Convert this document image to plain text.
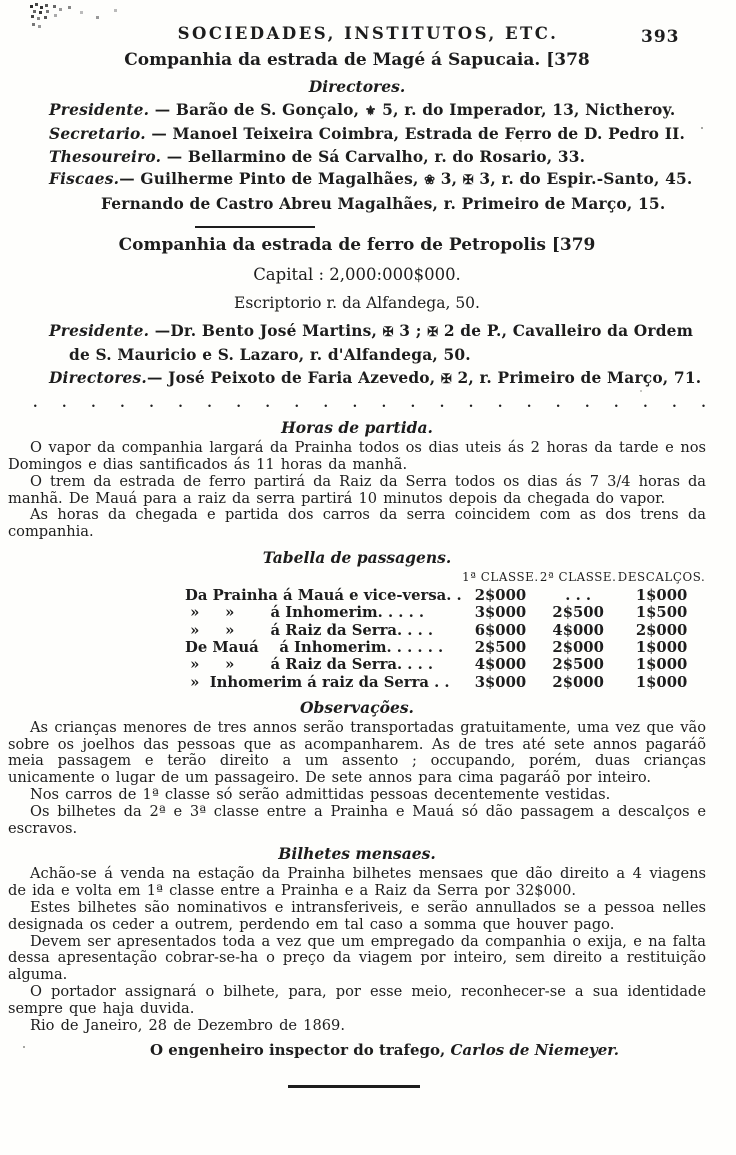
393
SOCIEDADES, INSTITUTOS, ETC.
Companhia da estrada de Magé á Sapucaia. [378
Directores.

Presidente. — Barão de S. Gonçalo, ⚜ 5, r. do Imperador, 13, Nictheroy.

Secretario. — Manoel Teixeira Coimbra, Estrada de Ferro de D. Pedro II.

Thesoureiro. — Bellarmino de Sá Carvalho, r. do Rosario, 33.

Fiscaes.— Guilherme Pinto de Magalhães, ❀ 3, ✠ 3, r. do Espir.-Santo, 45.

Fernando de Castro Abreu Magalhães, r. Primeiro de Março, 15.

Companhia da estrada de ferro de Petropolis [379
Capital : 2,000:000$000.
Escriptorio r. da Alfandega, 50.

Presidente. —Dr. Bento José Martins, ✠ 3 ; ✠ 2 de P., Cavalleiro da Ordem de S. Mauricio e S. Lazaro, r. d'Alfandega, 50.

Directores.— José Peixoto de Faria Azevedo, ✠ 2, r. Primeiro de Março, 71.

. . . . . . . . . . . . . . . . . . . . . . . .
Horas de partida.

O vapor da companhia largará da Prainha todos os dias uteis ás 2 horas da tarde e nos Domingos e dias santificados ás 11 horas da manhã.

O trem da estrada de ferro partirá da Raiz da Serra todos os dias ás 7 3/4 horas da manhã. De Mauá para a raiz da serra partirá 10 minutos depois da chegada do vapor.

As horas da chegada e partida dos carros da serra coincidem com as dos trens da companhia.

Tabella de passagens.
	1ª CLASSE.	2ª CLASSE.	DESCALÇOS.
Da Prainha á Mauá e vice-versa. .	2$000	. . .	1$000
»     »       á Inhomerim. . . . .	3$000	2$500	1$500
»     »       á Raiz da Serra. . . .	6$000	4$000	2$000
De Mauá    á Inhomerim. . . . . .	2$500	2$000	1$000
»     »       á Raiz da Serra. . . .	4$000	2$500	1$000
»  Inhomerim á raiz da Serra . .	3$000	2$000	1$000
Observações.

As crianças menores de tres annos serão transportadas gratuitamente, uma vez que vão sobre os joelhos das pessoas que as acompanharem. As de tres até sete annos pagaráõ meia passagem e terão direito a um assento ; occupando, porém, duas crianças unicamente o lugar de um passageiro. De sete annos para cima pagaráõ por inteiro.

Nos carros de 1ª classe só serão admittidas pessoas decentemente vestidas.

Os bilhetes da 2ª e 3ª classe entre a Prainha e Mauá só dão passagem a descalços e escravos.

Bilhetes mensaes.

Achão-se á venda na estação da Prainha bilhetes mensaes que dão direito a 4 viagens de ida e volta em 1ª classe entre a Prainha e a Raiz da Serra por 32$000.

Estes bilhetes são nominativos e intransferiveis, e serão annullados se a pessoa nelles designada os ceder a outrem, perdendo em tal caso a somma que houver pago.

Devem ser apresentados toda a vez que um empregado da companhia o exija, e na falta dessa apresentação cobrar-se-ha o preço da viagem por inteiro, sem direito a restituição alguma.

O portador assignará o bilhete, para, por esse meio, reconhecer-se a sua identidade sempre que haja duvida.

Rio de Janeiro, 28 de Dezembro de 1869.

O engenheiro inspector do trafego, Carlos de Niemeyer.
